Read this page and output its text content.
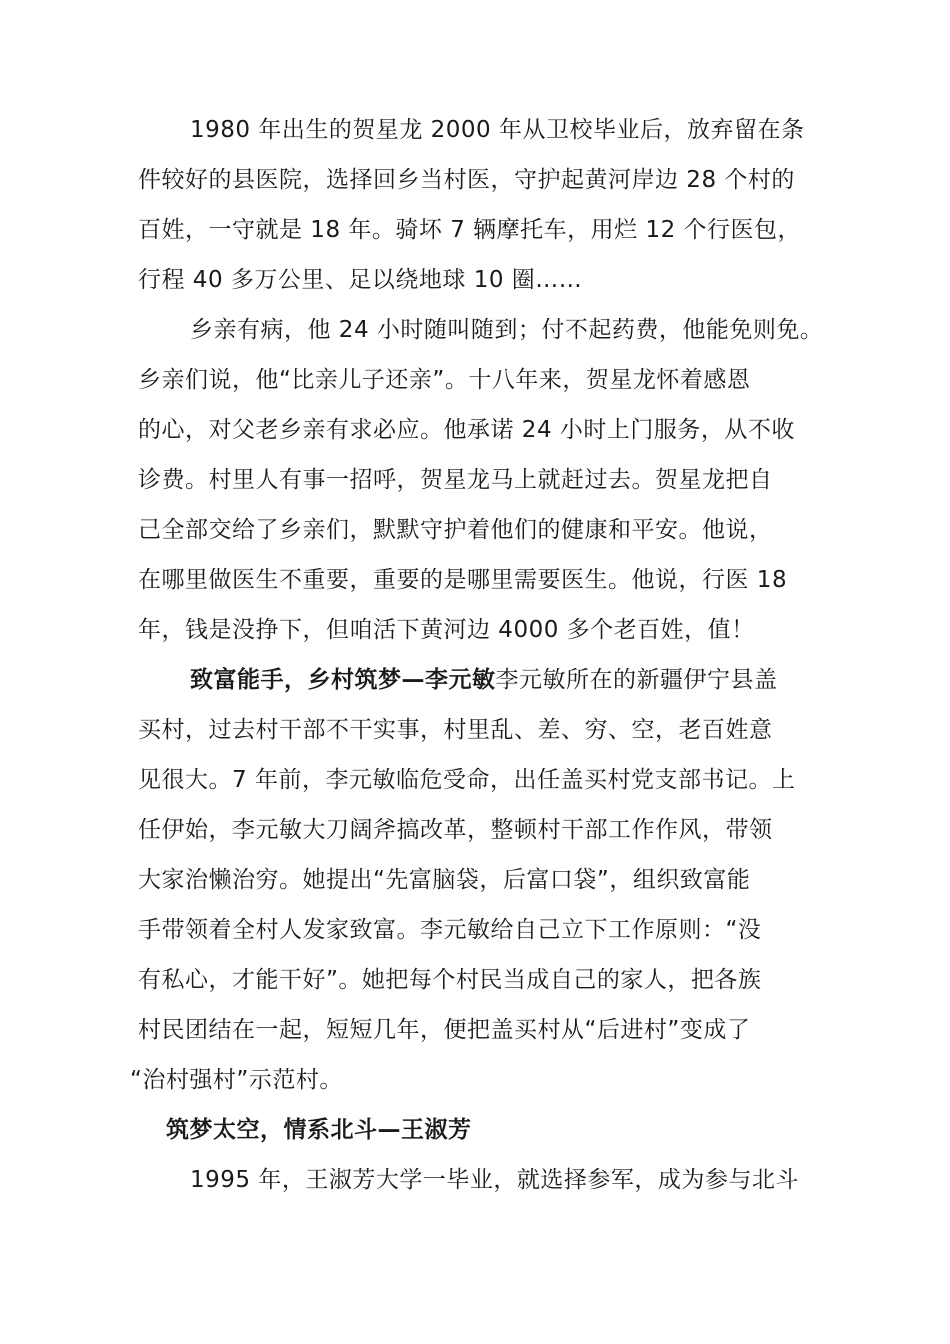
1980 年出生的贺星龙 2000 年从卫校毕业后，放弃留在条
件较好的县医院，选择回乡当村医，守护起黄河岸边 28 个村的
百姓，一守就是 18 年。骑坏 7 辆摩托车，用烂 12 个行医包，
行程 40 多万公里、足以绕地球 10 圈……
乡亲有病，他 24 小时随叫随到；付不起药费，他能免则免。
乡亲们说，他“比亲儿子还亲”。十八年来，贺星龙怀着感恩
的心，对父老乡亲有求必应。他承诺 24 小时上门服务，从不收
诊费。村里人有事一招呼，贺星龙马上就赶过去。贺星龙把自
己全部交给了乡亲们，默默守护着他们的健康和平安。他说，
在哪里做医生不重要，重要的是哪里需要医生。他说，行医 18
年，钱是没挣下，但咱活下黄河边 4000 多个老百姓，值！
致富能手，乡村筑梦—李元敏李元敏所在的新疆伊宁县盖
买村，过去村干部不干实事，村里乱、差、穷、空，老百姓意
见很大。7 年前，李元敏临危受命，出任盖买村党支部书记。上
任伊始，李元敏大刀阔斧搞改革，整顿村干部工作作风，带领
大家治懒治穷。她提出“先富脑袋，后富口袋”，组织致富能
手带领着全村人发家致富。李元敏给自己立下工作原则：“没
有私心，才能干好”。她把每个村民当成自己的家人，把各族
村民团结在一起，短短几年，便把盖买村从“后进村”变成了
“治村强村”示范村。
筑梦太空，情系北斗—王淑芳
1995 年，王淑芳大学一毕业，就选择参军，成为参与北斗
